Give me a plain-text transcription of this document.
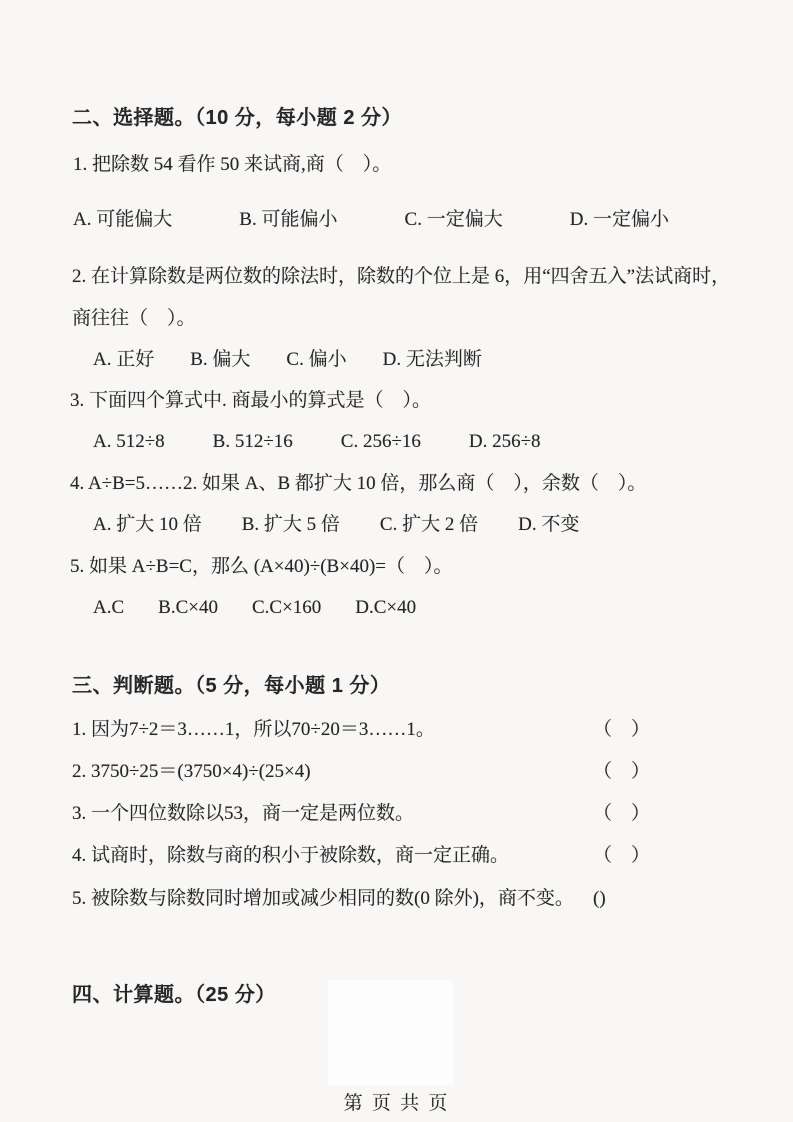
二、选择题。（10 分，每小题 2 分）
1. 把除数 54 看作 50 来试商,商（　）。
A. 可能偏大	B. 可能偏小	C. 一定偏大	D. 一定偏小
2. 在计算除数是两位数的除法时，除数的个位上是 6，用“四舍五入”法试商时，
商往往（　）。
A. 正好 B. 偏大 C. 偏小 D. 无法判断
3. 下面四个算式中. 商最小的算式是（　）。
A. 512÷8	B. 512÷16	C. 256÷16	D. 256÷8
4. A÷B=5……2. 如果 A、B 都扩大 10 倍，那么商（　），余数（　）。
A. 扩大 10 倍 B. 扩大 5 倍 C. 扩大 2 倍 D. 不变
5. 如果 A÷B=C，那么 (A×40)÷(B×40)=（　）。
A.C B.C×40 C.C×160 D.C×40
三、判断题。（5 分，每小题 1 分）
1. 因为7÷2＝3……1，所以70÷20＝3……1。	（　）
2. 3750÷25＝(3750×4)÷(25×4)	（　）
3. 一个四位数除以53，商一定是两位数。	（　）
4. 试商时，除数与商的积小于被除数，商一定正确。	（　）
5. 被除数与除数同时增加或减少相同的数(0 除外)，商不变。 ()
四、计算题。（25 分）
第 页 共 页
